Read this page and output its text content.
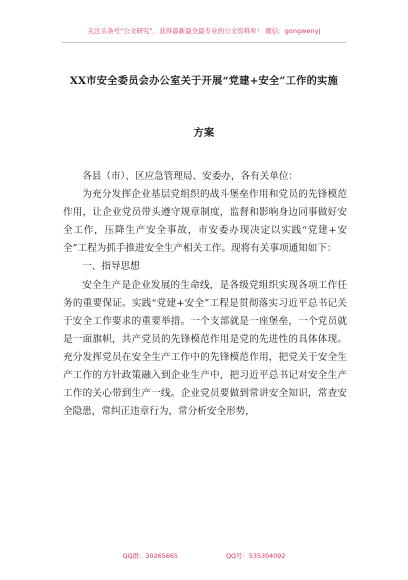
关注头条号“公文研究”，获得最新最全最专业的公文资料库！ 微信：gongwenyj
XX市安全委员会办公室关于开展“党建+安全”工作的实施
方案

各县（市）、区应急管理局、安委办，各有关单位：

为充分发挥企业基层党组织的战斗堡垒作用和党员的先锋模范作用，让企业党员带头遵守规章制度，监督和影响身边同事做好安全工作，压降生产安全事故，市安委办现决定以实践“党建+安全”工程为抓手推进安全生产相关工作。现将有关事项通知如下：

一、指导思想

安全生产是企业发展的生命线，是各级党组织实现各项工作任务的重要保证。实践“党建+安全”工程是贯彻落实习近平总书记关于安全工作要求的重要举措。一个支部就是一座堡垒，一个党员就是一面旗帜，共产党员的先锋模范作用是党的先进性的具体体现。充分发挥党员在安全生产工作中的先锋模范作用，把党关于安全生产工作的方针政策融入到企业生产中，把习近平总书记对安全生产工作的关心带到生产一线。企业党员要做到常讲安全知识，常查安全隐患，常纠正违章行为，常分析安全形势，

QQ群：30265665	QQ号：535304092
